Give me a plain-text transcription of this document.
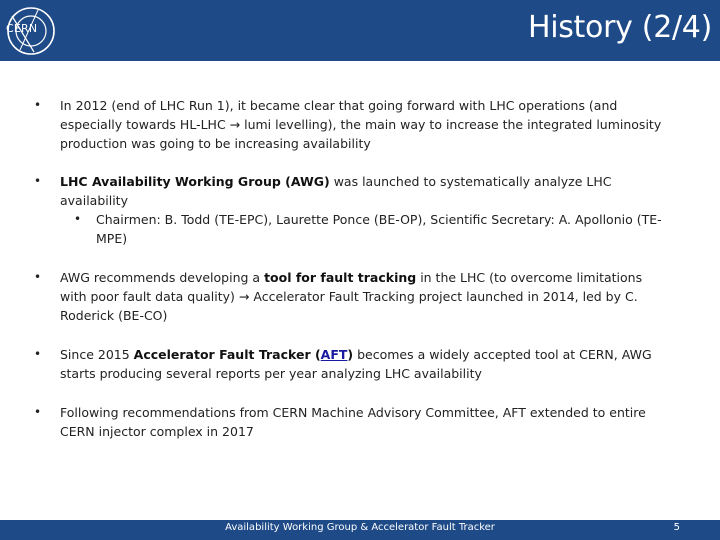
CERN	History (2/4)
• In 2012 (end of LHC Run 1), it became clear that going forward with LHC operations (and especially towards HL-LHC → lumi levelling), the main way to increase the integrated luminosity production was going to be increasing availability
• LHC Availability Working Group (AWG) was launched to systematically analyze LHC availability
• Chairmen: B. Todd (TE-EPC), Laurette Ponce (BE-OP), Scientific Secretary: A. Apollonio (TE-MPE)
• AWG recommends developing a tool for fault tracking in the LHC (to overcome limitations with poor fault data quality) → Accelerator Fault Tracking project launched in 2014, led by C. Roderick (BE-CO)
• Since 2015 Accelerator Fault Tracker (AFT) becomes a widely accepted tool at CERN, AWG starts producing several reports per year analyzing LHC availability
• Following recommendations from CERN Machine Advisory Committee, AFT extended to entire CERN injector complex in 2017
Availability Working Group & Accelerator Fault Tracker	5
